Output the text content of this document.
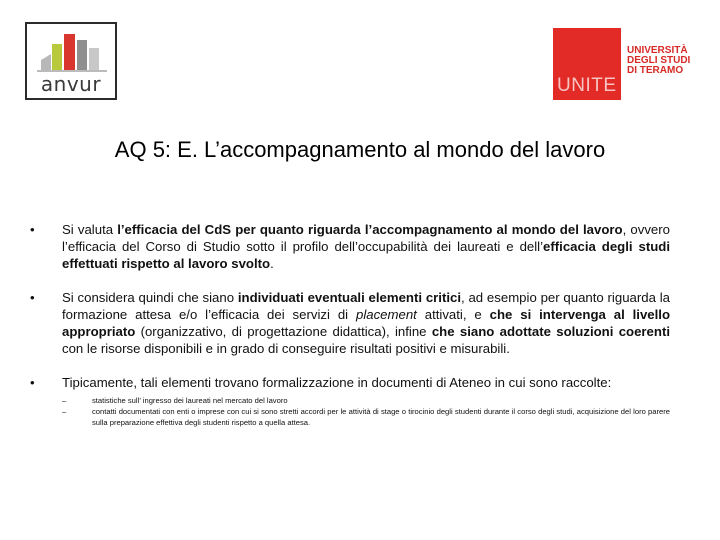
anvur	UNITE
UNIVERSITÀ
DEGLI STUDI
DI TERAMO
AQ 5: E. L’accompagnamento al mondo del lavoro
• Si valuta l’efficacia del CdS per quanto riguarda l’accompagnamento al mondo del lavoro, ovvero l’efficacia del Corso di Studio sotto il profilo dell’occupabilità dei laureati e dell’efficacia degli studi effettuati rispetto al lavoro svolto.
• Si considera quindi che siano individuati eventuali elementi critici, ad esempio per quanto riguarda la formazione attesa e/o l’efficacia dei servizi di placement attivati, e che si intervenga al livello appropriato (organizzativo, di progettazione didattica), infine che siano adottate soluzioni coerenti con le risorse disponibili e in grado di conseguire risultati positivi e misurabili.
• Tipicamente, tali elementi trovano formalizzazione in documenti di Ateneo in cui sono raccolte:
–	statistiche sull’ ingresso dei laureati nel mercato del lavoro
–	contatti documentati con enti o imprese con cui si sono stretti accordi per le attività di stage o tirocinio degli studenti durante il corso degli studi, acquisizione del loro parere sulla preparazione effettiva degli studenti rispetto a quella attesa.
